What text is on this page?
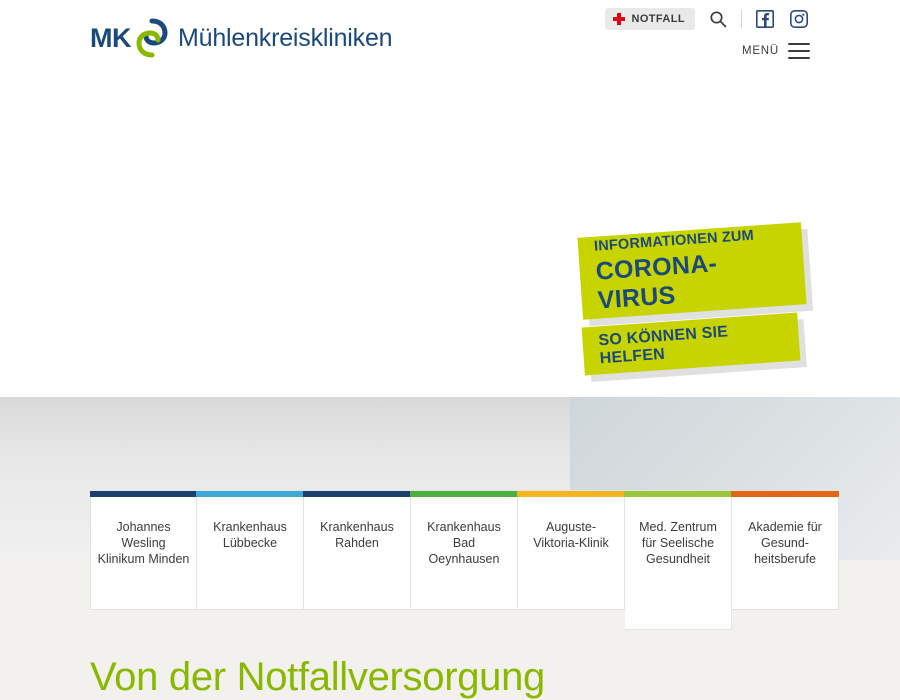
MK Mühlenkreiskliniken
NOTFALL
MENÜ
INFORMATIONEN ZUM
CORONA-VIRUS
SO KÖNNEN SIE HELFEN
Johannes Wesling Klinikum Minden
Krankenhaus Lübbecke
Krankenhaus Rahden
Krankenhaus Bad Oeynhausen
Auguste-Viktoria-Klinik
Med. Zentrum für Seelische Gesundheit
Akademie für Gesund-heitsberufe
Von der Notfallversorgung
